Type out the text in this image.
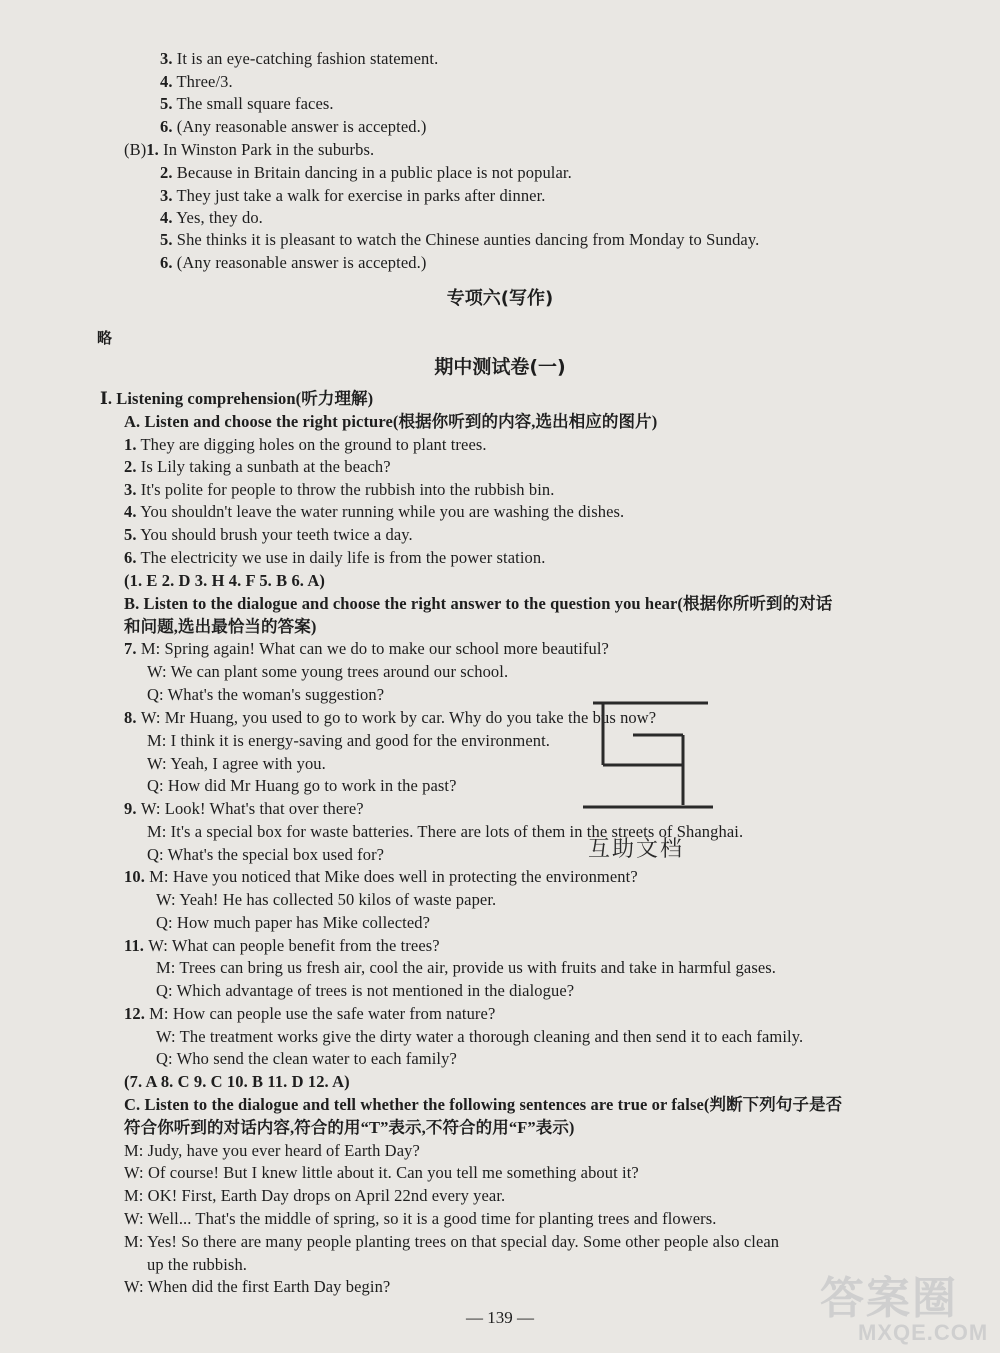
3. It is an eye-catching fashion statement.
4. Three/3.
5. The small square faces.
6. (Any reasonable answer is accepted.)
(B)1. In Winston Park in the suburbs.
2. Because in Britain dancing in a public place is not popular.
3. They just take a walk for exercise in parks after dinner.
4. Yes, they do.
5. She thinks it is pleasant to watch the Chinese aunties dancing from Monday to Sunday.
6. (Any reasonable answer is accepted.)
专项六(写作)
略
期中测试卷(一)
Ⅰ. Listening comprehension(听力理解)
A. Listen and choose the right picture(根据你听到的内容,选出相应的图片)
1. They are digging holes on the ground to plant trees.
2. Is Lily taking a sunbath at the beach?
3. It's polite for people to throw the rubbish into the rubbish bin.
4. You shouldn't leave the water running while you are washing the dishes.
5. You should brush your teeth twice a day.
6. The electricity we use in daily life is from the power station.
(1. E 2. D 3. H 4. F 5. B 6. A)
B. Listen to the dialogue and choose the right answer to the question you hear(根据你所听到的对话
和问题,选出最恰当的答案)
7. M: Spring again! What can we do to make our school more beautiful?
W: We can plant some young trees around our school.
Q: What's the woman's suggestion?
8. W: Mr Huang, you used to go to work by car. Why do you take the bus now?
M: I think it is energy-saving and good for the environment.
W: Yeah, I agree with you.
Q: How did Mr Huang go to work in the past?
9. W: Look! What's that over there?
M: It's a special box for waste batteries. There are lots of them in the streets of Shanghai.
Q: What's the special box used for?
10. M: Have you noticed that Mike does well in protecting the environment?
W: Yeah! He has collected 50 kilos of waste paper.
Q: How much paper has Mike collected?
11. W: What can people benefit from the trees?
M: Trees can bring us fresh air, cool the air, provide us with fruits and take in harmful gases.
Q: Which advantage of trees is not mentioned in the dialogue?
12. M: How can people use the safe water from nature?
W: The treatment works give the dirty water a thorough cleaning and then send it to each family.
Q: Who send the clean water to each family?
(7. A 8. C 9. C 10. B 11. D 12. A)
C. Listen to the dialogue and tell whether the following sentences are true or false(判断下列句子是否
符合你听到的对话内容,符合的用“T”表示,不符合的用“F”表示)
M: Judy, have you ever heard of Earth Day?
W: Of course! But I knew little about it. Can you tell me something about it?
M: OK! First, Earth Day drops on April 22nd every year.
W: Well... That's the middle of spring, so it is a good time for planting trees and flowers.
M: Yes! So there are many people planting trees on that special day. Some other people also clean
up the rubbish.
W: When did the first Earth Day begin?
互助文档
答案圈
MXQE.COM
— 139 —
